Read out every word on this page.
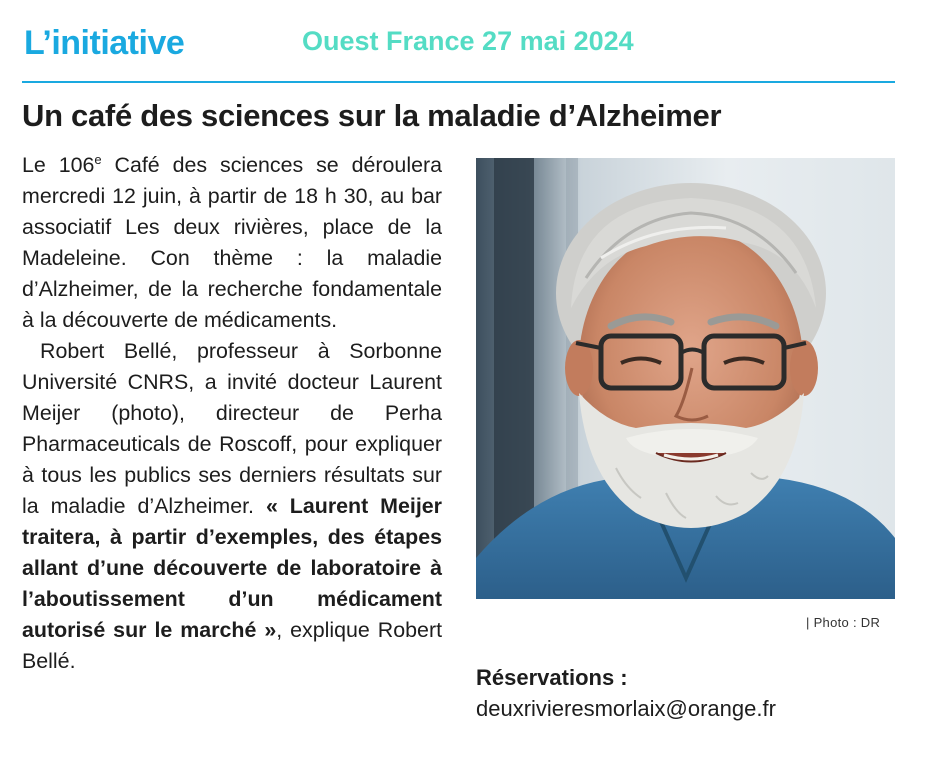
L’initiative	Ouest France 27 mai 2024
Un café des sciences sur la maladie d’Alzheimer

Le 106e Café des sciences se déroulera mercredi 12 juin, à partir de 18 h 30, au bar associatif Les deux rivières, place de la Madeleine. Con thème : la maladie d’Alzheimer, de la recherche fondamentale à la découverte de médicaments.

Robert Bellé, professeur à Sorbonne Université CNRS, a invité docteur Laurent Meijer (photo), directeur de Perha Pharmaceuticals de Roscoff, pour expliquer à tous les publics ses derniers résultats sur la maladie d’Alzheimer. « Laurent Meijer traitera, à partir d’exemples, des étapes allant d’une découverte de laboratoire à l’aboutissement d’un médicament autorisé sur le marché », explique Robert Bellé.

| Photo : DR
Réservations :
deuxrivieresmorlaix@orange.fr
